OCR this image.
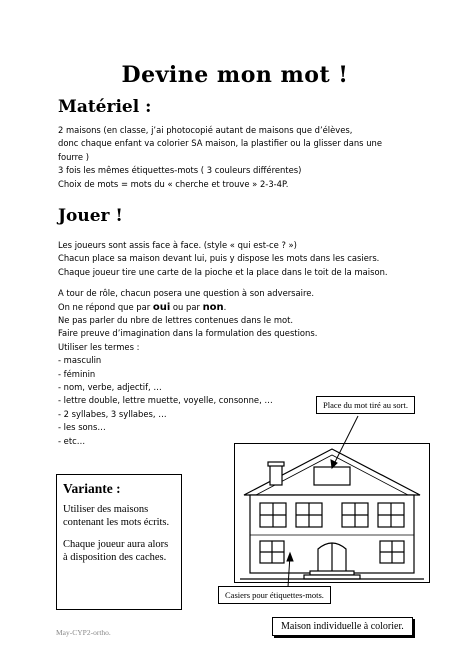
Devine mon mot !
Matériel :
2 maisons (en classe, j’ai photocopié autant de maisons que d’élèves,
donc chaque enfant va colorier SA maison, la plastifier ou la glisser dans une
fourre )
3 fois les mêmes étiquettes-mots ( 3 couleurs différentes)
Choix de mots = mots du « cherche et trouve » 2-3-4P.
Jouer !
Les joueurs sont assis face à face. (style « qui est-ce ? »)
Chacun place sa maison devant lui, puis y dispose les mots dans les casiers.
Chaque joueur tire une carte de la pioche et la place dans le toit de la maison.
A tour de rôle, chacun posera une question à son adversaire.
On ne répond que par oui ou par non.
Ne pas parler du nbre de lettres contenues dans le mot.
Faire preuve d’imagination dans la formulation des questions.
Utiliser les termes :
- masculin
- féminin
- nom, verbe, adjectif, …
- lettre double, lettre muette, voyelle, consonne, …
- 2 syllabes, 3 syllabes, …
- les sons…
- etc…
Place du mot tiré au sort.
Casiers pour étiquettes-mots.
Maison individuelle à colorier.
Variante :

Utiliser des maisons contenant les mots écrits.

Chaque joueur aura alors à disposition des caches.

May-CYP2-ortho.
